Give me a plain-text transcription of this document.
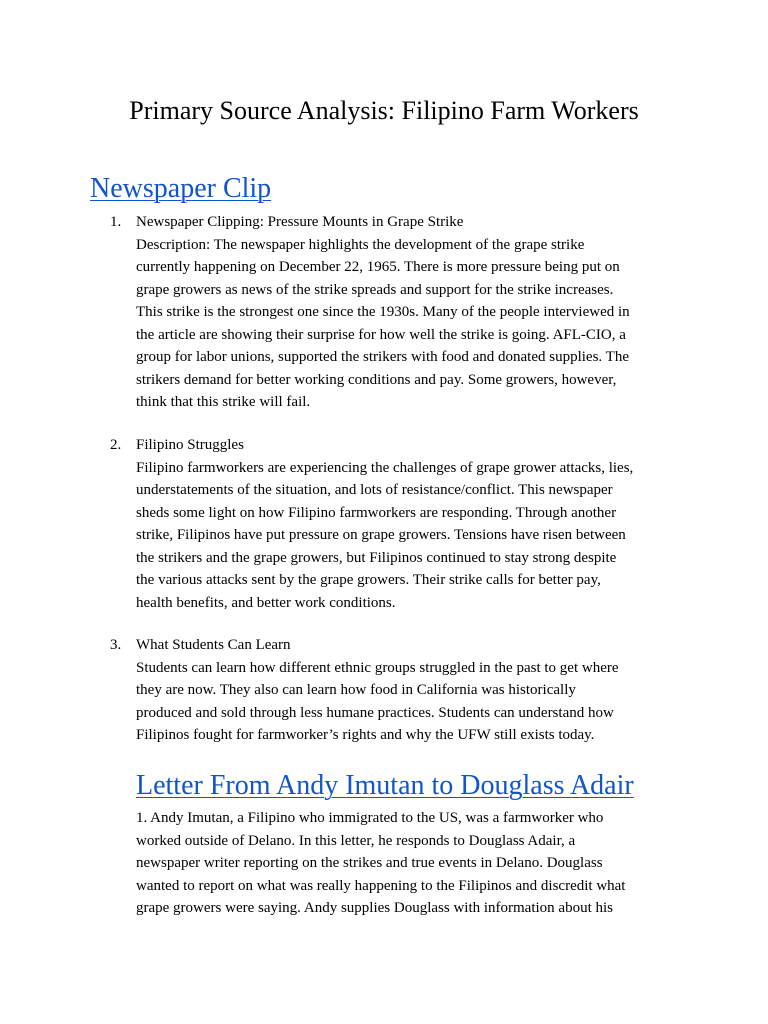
Primary Source Analysis: Filipino Farm Workers
Newspaper Clip
1. Newspaper Clipping: Pressure Mounts in Grape Strike
Description: The newspaper highlights the development of the grape strike
currently happening on December 22, 1965. There is more pressure being put on
grape growers as news of the strike spreads and support for the strike increases.
This strike is the strongest one since the 1930s. Many of the people interviewed in
the article are showing their surprise for how well the strike is going. AFL-CIO, a
group for labor unions, supported the strikers with food and donated supplies. The
strikers demand for better working conditions and pay. Some growers, however,
think that this strike will fail.
2. Filipino Struggles
Filipino farmworkers are experiencing the challenges of grape grower attacks, lies,
understatements of the situation, and lots of resistance/conflict. This newspaper
sheds some light on how Filipino farmworkers are responding. Through another
strike, Filipinos have put pressure on grape growers. Tensions have risen between
the strikers and the grape growers, but Filipinos continued to stay strong despite
the various attacks sent by the grape growers. Their strike calls for better pay,
health benefits, and better work conditions.
3. What Students Can Learn
Students can learn how different ethnic groups struggled in the past to get where
they are now. They also can learn how food in California was historically
produced and sold through less humane practices. Students can understand how
Filipinos fought for farmworker’s rights and why the UFW still exists today.
Letter From Andy Imutan to Douglass Adair
1. Andy Imutan, a Filipino who immigrated to the US, was a farmworker who
worked outside of Delano. In this letter, he responds to Douglass Adair, a
newspaper writer reporting on the strikes and true events in Delano. Douglass
wanted to report on what was really happening to the Filipinos and discredit what
grape growers were saying. Andy supplies Douglass with information about his
